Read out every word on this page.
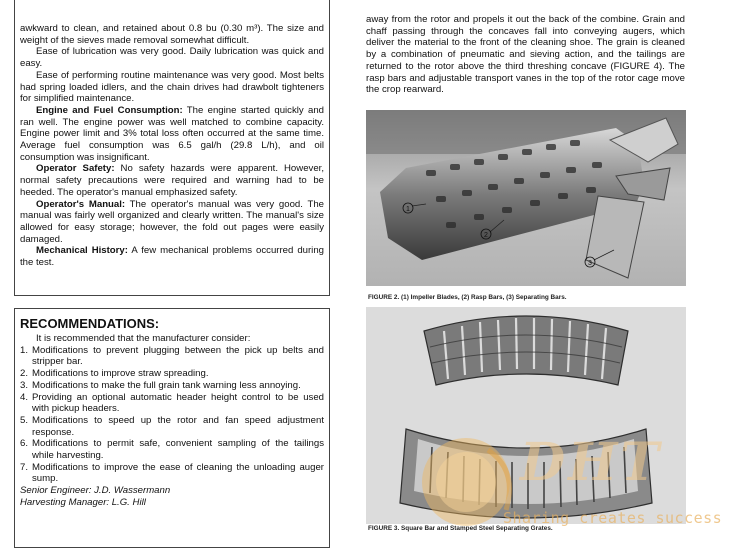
awkward to clean, and retained about 0.8 bu (0.30 m³). The size and weight of the sieves made removal somewhat difficult.

Ease of lubrication was very good. Daily lubrication was quick and easy.

Ease of performing routine maintenance was very good. Most belts had spring loaded idlers, and the chain drives had drawbolt tighteners for simplified maintenance.

Engine and Fuel Consumption: The engine started quickly and ran well. The engine power was well matched to combine capacity. Engine power limit and 3% total loss often occurred at the same time. Average fuel consumption was 6.5 gal/h (29.8 L/h), and oil consumption was insignificant.

Operator Safety: No safety hazards were apparent. However, normal safety precautions were required and warning had to be heeded. The operator's manual emphasized safety.

Operator's Manual: The operator's manual was very good. The manual was fairly well organized and clearly written. The manual's size allowed for easy storage; however, the fold out pages were easily damaged.

Mechanical History: A few mechanical problems occurred during the test.

RECOMMENDATIONS:

It is recommended that the manufacturer consider:

1. Modifications to prevent plugging between the pick up belts and stripper bar.
2. Modifications to improve straw spreading.
3. Modifications to make the full grain tank warning less annoying.
4. Providing an optional automatic header height control to be used with pickup headers.
5. Modifications to speed up the rotor and fan speed adjustment response.
6. Modifications to permit safe, convenient sampling of the tailings while harvesting.
7. Modifications to improve the ease of cleaning the unloading auger sump.
Senior Engineer: J.D. Wassermann
Harvesting Manager: L.G. Hill

away from the rotor and propels it out the back of the combine. Grain and chaff passing through the concaves fall into conveying augers, which deliver the material to the front of the cleaning shoe. The grain is cleaned by a combination of pneumatic and sieving action, and the tailings are returned to the rotor above the third threshing concave (FIGURE 4). The rasp bars and adjustable transport vanes in the top of the rotor cage move the crop rearward.

1
2
3
FIGURE 2. (1) Impeller Blades, (2) Rasp Bars, (3) Separating Bars.
FIGURE 3. Square Bar and Stamped Steel Separating Grates.
DHT
Sharing creates success
